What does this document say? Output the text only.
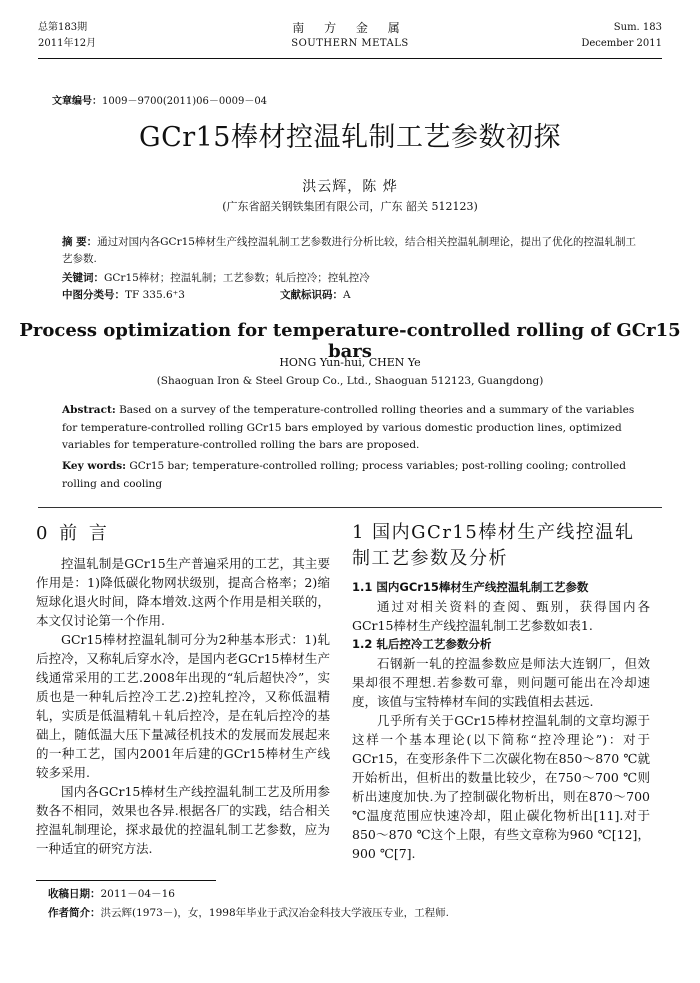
总第183期
2011年12月
南 方 金 属
SOUTHERN METALS
Sum. 183
December 2011
文章编号：1009－9700(2011)06－0009－04
GCr15棒材控温轧制工艺参数初探
洪云辉，陈 烨
(广东省韶关钢铁集团有限公司，广东 韶关 512123)
摘 要：通过对国内各GCr15棒材生产线控温轧制工艺参数进行分析比较，结合相关控温轧制理论，提出了优化的控温轧制工艺参数.
关键词：GCr15棒材；控温轧制；工艺参数；轧后控冷；控轧控冷
中图分类号：TF 335.6⁺3	文献标识码：A
Process optimization for temperature-controlled rolling of GCr15 bars
HONG Yun-hui, CHEN Ye
(Shaoguan Iron & Steel Group Co., Ltd., Shaoguan 512123, Guangdong)
Abstract: Based on a survey of the temperature-controlled rolling theories and a summary of the variables for temperature-controlled rolling GCr15 bars employed by various domestic production lines, optimized variables for temperature-controlled rolling the bars are proposed.
Key words: GCr15 bar; temperature-controlled rolling; process variables; post-rolling cooling; controlled rolling and cooling
0 前 言

控温轧制是GCr15生产普遍采用的工艺，其主要作用是：1)降低碳化物网状级别，提高合格率；2)缩短球化退火时间，降本增效.这两个作用是相关联的，本文仅讨论第一个作用.

GCr15棒材控温轧制可分为2种基本形式：1)轧后控冷，又称轧后穿水冷，是国内老GCr15棒材生产线通常采用的工艺.2008年出现的“轧后超快冷”，实质也是一种轧后控冷工艺.2)控轧控冷，又称低温精轧，实质是低温精轧＋轧后控冷，是在轧后控冷的基础上，随低温大压下量减径机技术的发展而发展起来的一种工艺，国内2001年后建的GCr15棒材生产线较多采用.

国内各GCr15棒材生产线控温轧制工艺及所用参数各不相同，效果也各异.根据各厂的实践，结合相关控温轧制理论，探求最优的控温轧制工艺参数，应为一种适宜的研究方法.

1 国内GCr15棒材生产线控温轧制工艺参数及分析
1.1 国内GCr15棒材生产线控温轧制工艺参数

通过对相关资料的查阅、甄别，获得国内各GCr15棒材生产线控温轧制工艺参数如表1.

1.2 轧后控冷工艺参数分析

石钢新一轧的控温参数应是师法大连钢厂，但效果却很不理想.若参数可靠，则问题可能出在冷却速度，该值与宝特棒材车间的实践值相去甚远.

几乎所有关于GCr15棒材控温轧制的文章均源于这样一个基本理论(以下简称“控冷理论”)：对于GCr15，在变形条件下二次碳化物在850～870 ℃就开始析出，但析出的数量比较少，在750～700 ℃则析出速度加快.为了控制碳化物析出，则在870～700 ℃温度范围应快速冷却，阻止碳化物析出[11].对于850～870 ℃这个上限，有些文章称为960 ℃[12]，900 ℃[7].

收稿日期：2011－04－16
作者简介：洪云辉(1973－)，女，1998年毕业于武汉冶金科技大学液压专业，工程师.
